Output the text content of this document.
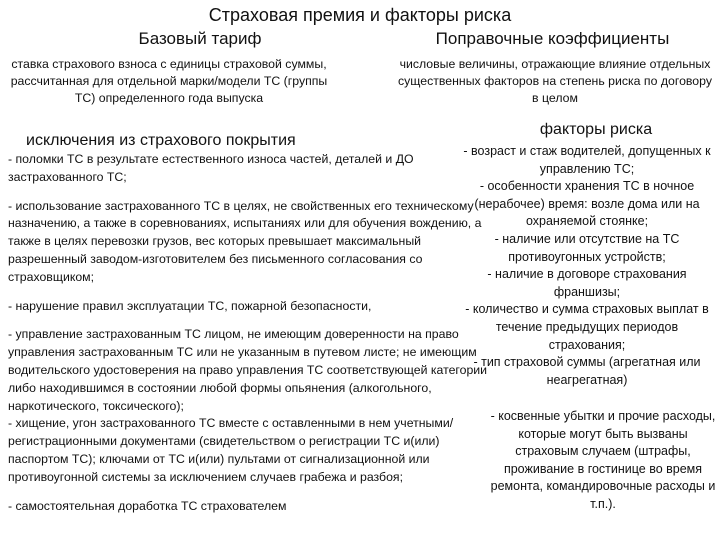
Страховая премия и факторы риска
Базовый тариф	Поправочные коэффициенты
ставка страхового взноса с единицы страховой суммы, рассчитанная для отдельной марки/модели ТС (группы ТС) определенного года выпуска
числовые величины, отражающие влияние отдельных существенных факторов на степень риска по договору в целом
исключения из страхового покрытия
факторы риска

- поломки ТС в результате естественного износа частей, деталей и ДО застрахованного ТС;

- использование застрахованного ТС в целях, не свойственных его техническому назначению, а также в соревнованиях, испытаниях или для обучения вождению, а также в целях перевозки грузов, вес которых превышает максимальный разрешенный заводом-изготовителем без письменного согласования со страховщиком;

- нарушение правил эксплуатации ТС, пожарной безопасности,

- управление застрахованным ТС лицом, не имеющим доверенности на право управления застрахованным ТС или не указанным в путевом листе; не имеющим водительского удостоверения на право управления ТС соответствующей категории либо находившимся в состоянии любой формы опьянения (алкогольного, наркотического, токсического);

- хищение, угон застрахованного ТС вместе с оставленными в нем учетными/регистрационными документами (свидетельством о регистрации ТС и(или) паспортом ТС); ключами от ТС и(или) пультами от сигнализационной или противоугонной системы за исключением случаев грабежа и разбоя;

- самостоятельная доработка ТС страхователем

- возраст и стаж водителей, допущенных к управлению ТС;

- особенности хранения ТС в ночное (нерабочее) время: возле дома или на охраняемой стоянке;

- наличие или отсутствие на ТС противоугонных устройств;

- наличие в договоре страхования франшизы;

- количество и сумма страховых выплат в течение предыдущих периодов страхования;

- тип страховой суммы (агрегатная или неагрегатная)

- косвенные убытки и прочие расходы, которые могут быть вызваны страховым случаем (штрафы, проживание в гостинице во время ремонта, командировочные расходы и т.п.).
